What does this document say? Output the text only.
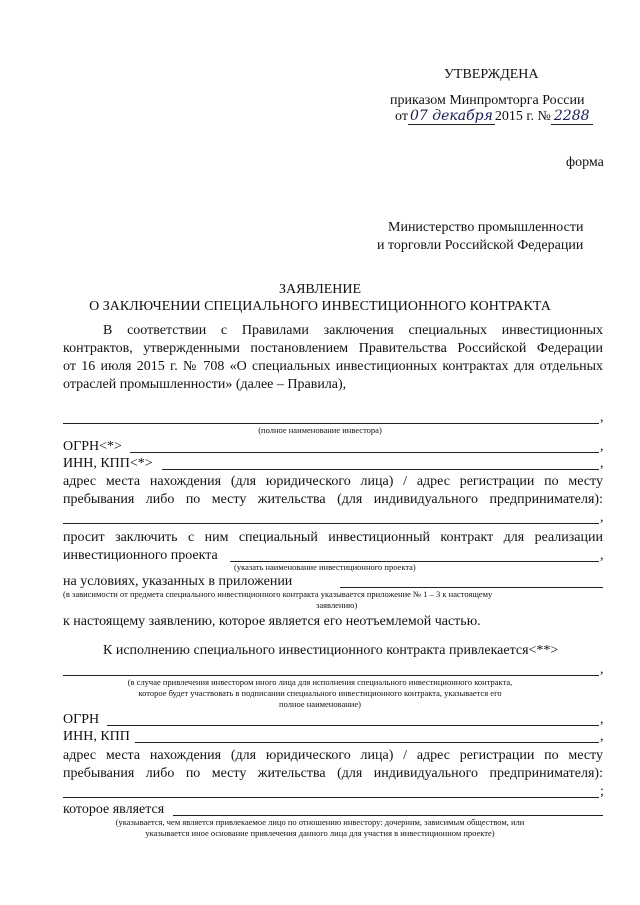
УТВЕРЖДЕНА
приказом Минпромторга России
от 07 декабря 2015 г. № 2288
форма
Министерство промышленности
и торговли Российской Федерации
ЗАЯВЛЕНИЕ
О ЗАКЛЮЧЕНИИ СПЕЦИАЛЬНОГО ИНВЕСТИЦИОННОГО КОНТРАКТА
В соответствии с Правилами заключения специальных инвестиционных
контрактов, утвержденными постановлением Правительства Российской Федерации
от 16 июля 2015 г. № 708 «О специальных инвестиционных контрактах для отдельных
отраслей промышленности» (далее – Правила),
,
(полное наименование инвестора)
ОГРН<*>	,
ИНН, КПП<*>	,
адрес места нахождения (для юридического лица) / адрес регистрации по месту
пребывания либо по месту жительства (для индивидуального предпринимателя):
,
просит заключить с ним специальный инвестиционный контракт для реализации
инвестиционного проекта	,
(указать наименование инвестиционного проекта)
на условиях, указанных в приложении
(в зависимости от предмета специального инвестиционного контракта указывается приложение № 1 – 3 к настоящему
заявлению)
к настоящему заявлению, которое является его неотъемлемой частью.
К исполнению специального инвестиционного контракта привлекается<**>
,
(в случае привлечения инвестором иного лица для исполнения специального инвестиционного контракта,
которое будет участвовать в подписании специального инвестиционного контракта, указывается его
полное наименование)
ОГРН	,
ИНН, КПП	,
адрес места нахождения (для юридического лица) / адрес регистрации по месту
пребывания либо по месту жительства (для индивидуального предпринимателя):
;
которое является
(указывается, чем является привлекаемое лицо по отношению инвестору: дочерним, зависимым обществом, или
указывается иное основание привлечения данного лица для участия в инвестиционном проекте)
